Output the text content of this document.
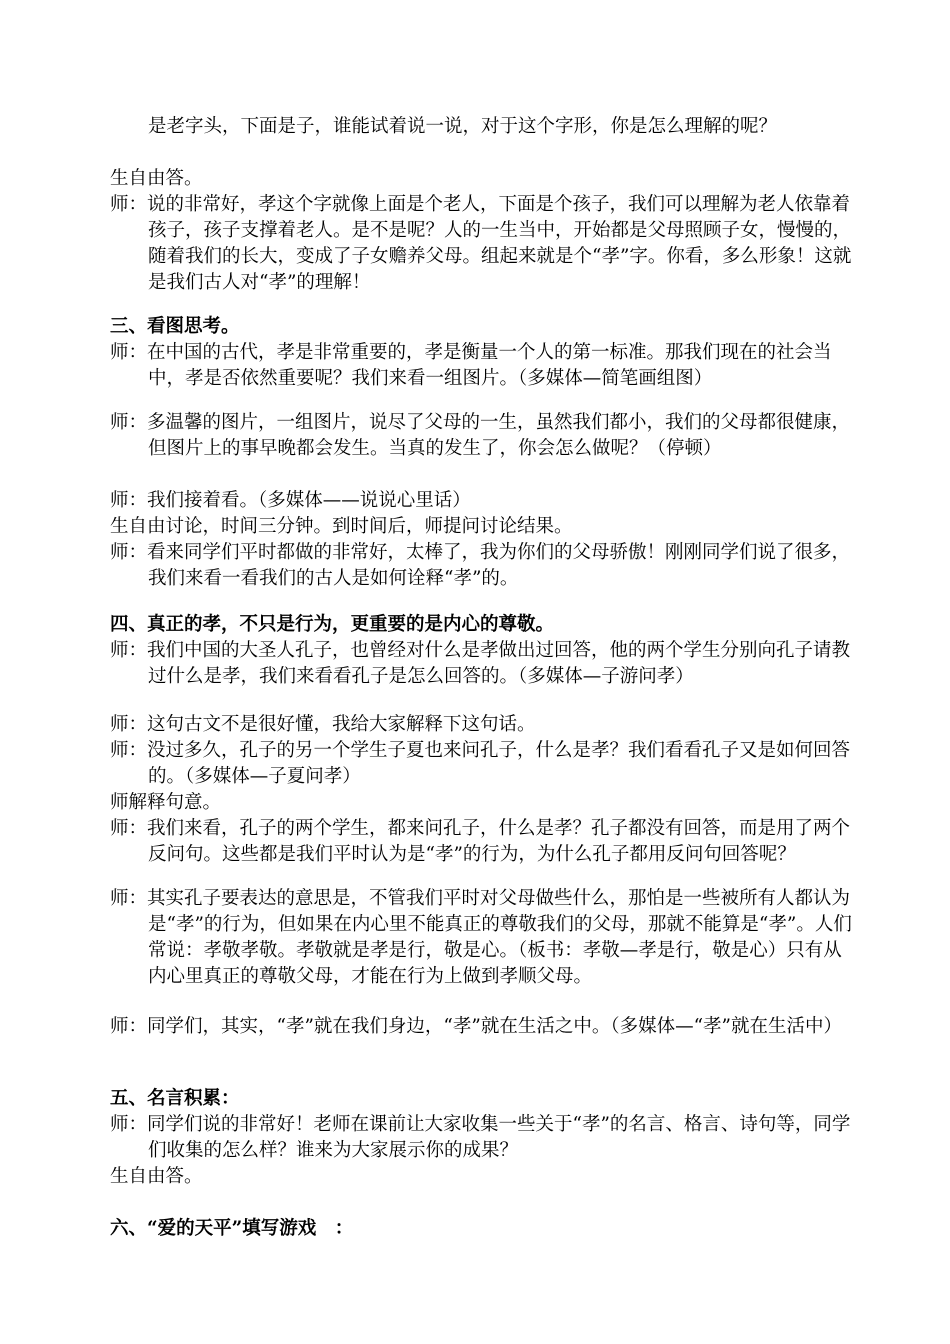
是老字头，下面是子，谁能试着说一说，对于这个字形，你是怎么理解的呢？

生自由答。

师：说的非常好，孝这个字就像上面是个老人，下面是个孩子，我们可以理解为老人依靠着孩子，孩子支撑着老人。是不是呢？人的一生当中，开始都是父母照顾子女，慢慢的，随着我们的长大，变成了子女赡养父母。组起来就是个“孝”字。你看，多么形象！这就是我们古人对“孝”的理解！

三、看图思考。

师：在中国的古代，孝是非常重要的，孝是衡量一个人的第一标准。那我们现在的社会当中，孝是否依然重要呢？我们来看一组图片。（多媒体—简笔画组图）

师：多温馨的图片，一组图片，说尽了父母的一生，虽然我们都小，我们的父母都很健康，但图片上的事早晚都会发生。当真的发生了，你会怎么做呢？（停顿）

师：我们接着看。（多媒体——说说心里话）

生自由讨论，时间三分钟。到时间后，师提问讨论结果。

师：看来同学们平时都做的非常好，太棒了，我为你们的父母骄傲！刚刚同学们说了很多，我们来看一看我们的古人是如何诠释“孝”的。

四、真正的孝，不只是行为，更重要的是内心的尊敬。

师：我们中国的大圣人孔子，也曾经对什么是孝做出过回答，他的两个学生分别向孔子请教过什么是孝，我们来看看孔子是怎么回答的。（多媒体—子游问孝）

师：这句古文不是很好懂，我给大家解释下这句话。

师：没过多久，孔子的另一个学生子夏也来问孔子，什么是孝？我们看看孔子又是如何回答的。（多媒体—子夏问孝）

师解释句意。

师：我们来看，孔子的两个学生，都来问孔子，什么是孝？孔子都没有回答，而是用了两个反问句。这些都是我们平时认为是“孝”的行为，为什么孔子都用反问句回答呢？

师：其实孔子要表达的意思是，不管我们平时对父母做些什么，那怕是一些被所有人都认为是“孝”的行为，但如果在内心里不能真正的尊敬我们的父母，那就不能算是“孝”。人们常说：孝敬孝敬。孝敬就是孝是行，敬是心。（板书：孝敬—孝是行，敬是心）只有从内心里真正的尊敬父母，才能在行为上做到孝顺父母。

师：同学们，其实，“孝”就在我们身边，“孝”就在生活之中。（多媒体—“孝”就在生活中）

五、名言积累：

师：同学们说的非常好！老师在课前让大家收集一些关于“孝”的名言、格言、诗句等，同学们收集的怎么样？谁来为大家展示你的成果？

生自由答。

六、“爱的天平”填写游戏　：
